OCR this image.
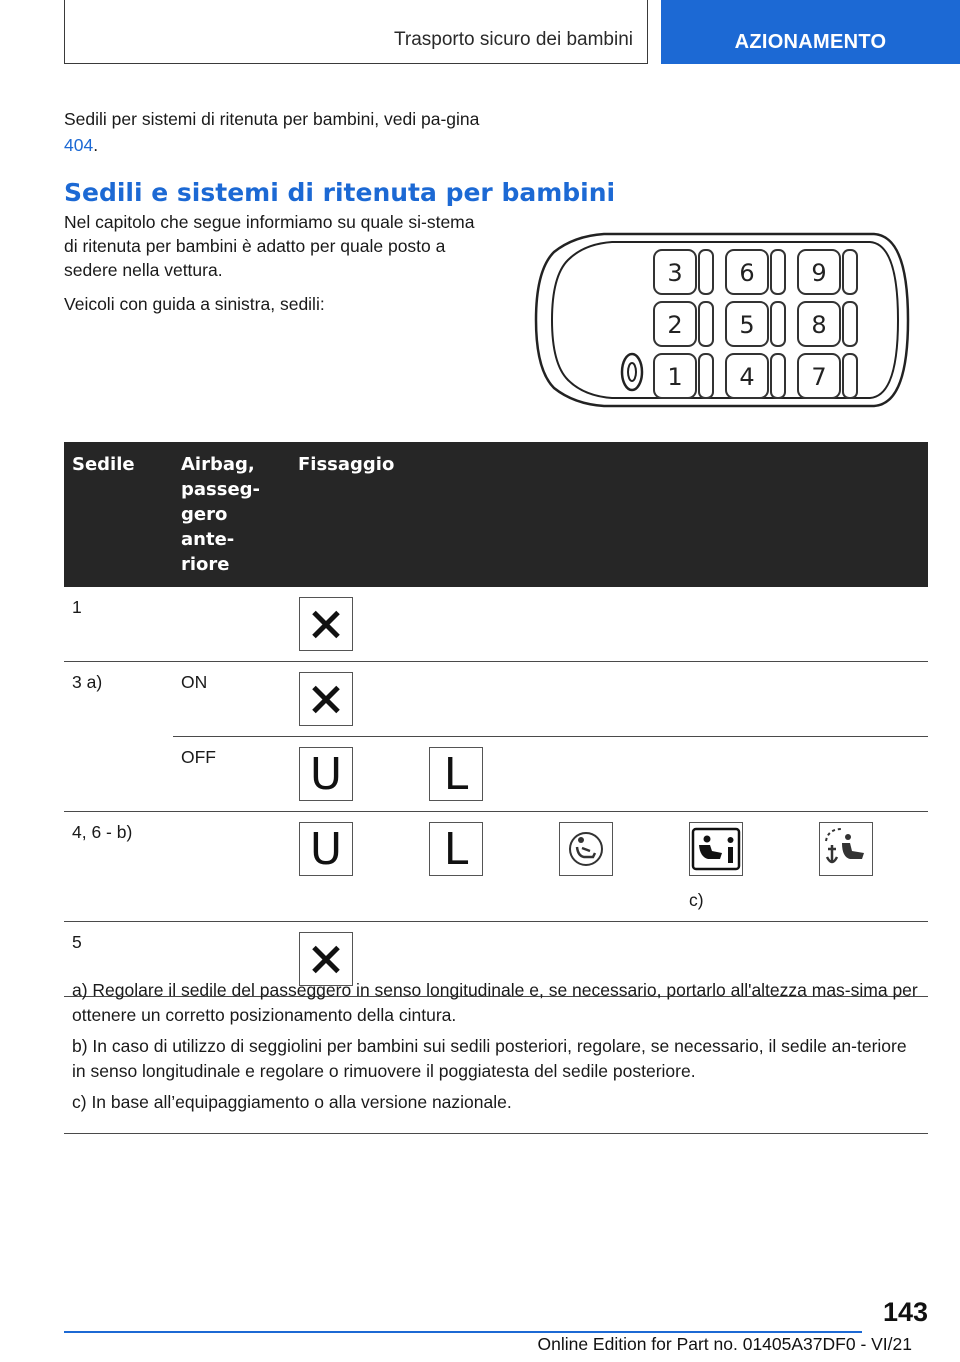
Trasporto sicuro dei bambini	AZIONAMENTO
Sedili per sistemi di ritenuta per bambini, vedi pa-gina 404.
Sedili e sistemi di ritenuta per bambini

Nel capitolo che segue informiamo su quale si-stema di ritenuta per bambini è adatto per quale posto a sedere nella vettura.

Veicoli con guida a sinistra, sedili:

3 6 9
2 5 8
1 4 7
Sedile	Airbag, passeg-gero ante-riore	Fissaggio
1		

3 a)	ON	

	OFF	U L

4, 6 - b)		U L
c)

5		

a) Regolare il sedile del passeggero in senso longitudinale e, se necessario, portarlo all'altezza mas-sima per ottenere un corretto posizionamento della cintura.

b) In caso di utilizzo di seggiolini per bambini sui sedili posteriori, regolare, se necessario, il sedile an-teriore in senso longitudinale e regolare o rimuovere il poggiatesta del sedile posteriore.

c) In base all’equipaggiamento o alla versione nazionale.

143
Online Edition for Part no. 01405A37DF0 - VI/21
